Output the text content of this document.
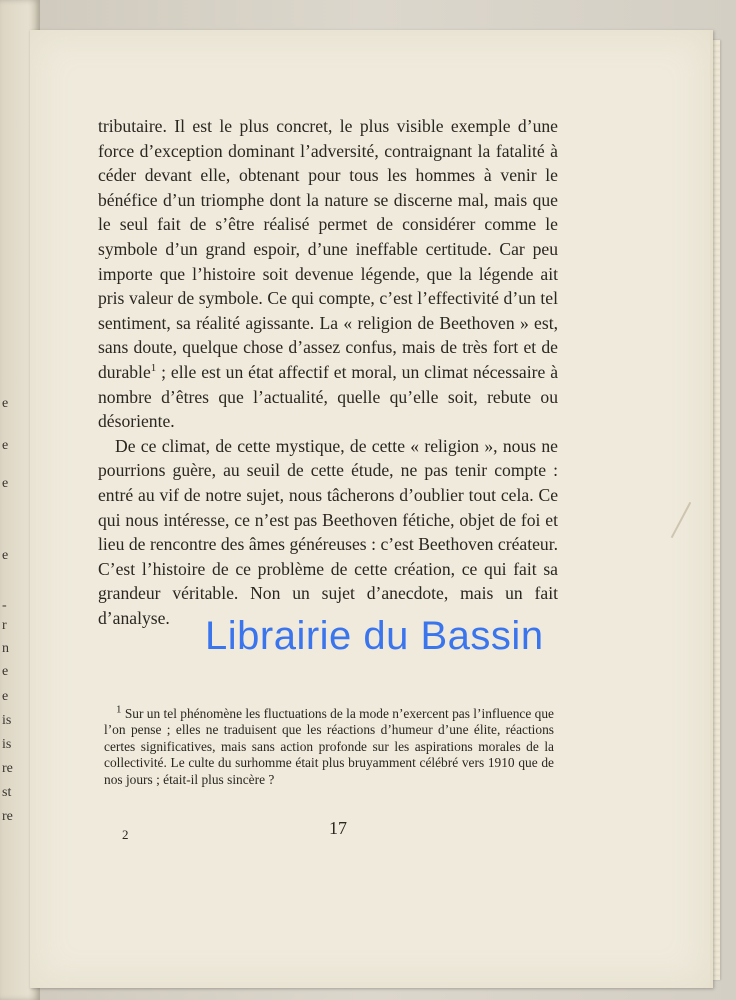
e
e
e
e
-
r
n
e
e
is
is
re
st
re

tributaire. Il est le plus concret, le plus visible exemple d’une force d’exception dominant l’adversité, contraignant la fatalité à céder devant elle, obtenant pour tous les hommes à venir le bénéfice d’un triomphe dont la nature se discerne mal, mais que le seul fait de s’être réalisé permet de considérer comme le symbole d’un grand espoir, d’une ineffable certitude. Car peu importe que l’histoire soit devenue légende, que la légende ait pris valeur de symbole. Ce qui compte, c’est l’effectivité d’un tel sentiment, sa réalité agissante. La « religion de Beethoven » est, sans doute, quelque chose d’assez confus, mais de très fort et de durable$^1$ ; elle est un état affectif et moral, un climat nécessaire à nombre d’êtres que l’actualité, quelle qu’elle soit, rebute ou désoriente.

De ce climat, de cette mystique, de cette « religion », nous ne pourrions guère, au seuil de cette étude, ne pas tenir compte : entré au vif de notre sujet, nous tâcherons d’oublier tout cela. Ce qui nous intéresse, ce n’est pas Beethoven fétiche, objet de foi et lieu de rencontre des âmes généreuses : c’est Beethoven créateur. C’est l’histoire de ce problème de cette création, ce qui fait sa grandeur véritable. Non un sujet d’anecdote, mais un fait d’analyse.

$^1$ Sur un tel phénomène les fluctuations de la mode n’exercent pas l’influence que l’on pense ; elles ne traduisent que les réactions d’humeur d’une élite, réactions certes significatives, mais sans action profonde sur les aspirations morales de la collectivité. Le culte du surhomme était plus bruyamment célébré vers 1910 que de nos jours ; était-il plus sincère ?
2	17
Librairie du Bassin
